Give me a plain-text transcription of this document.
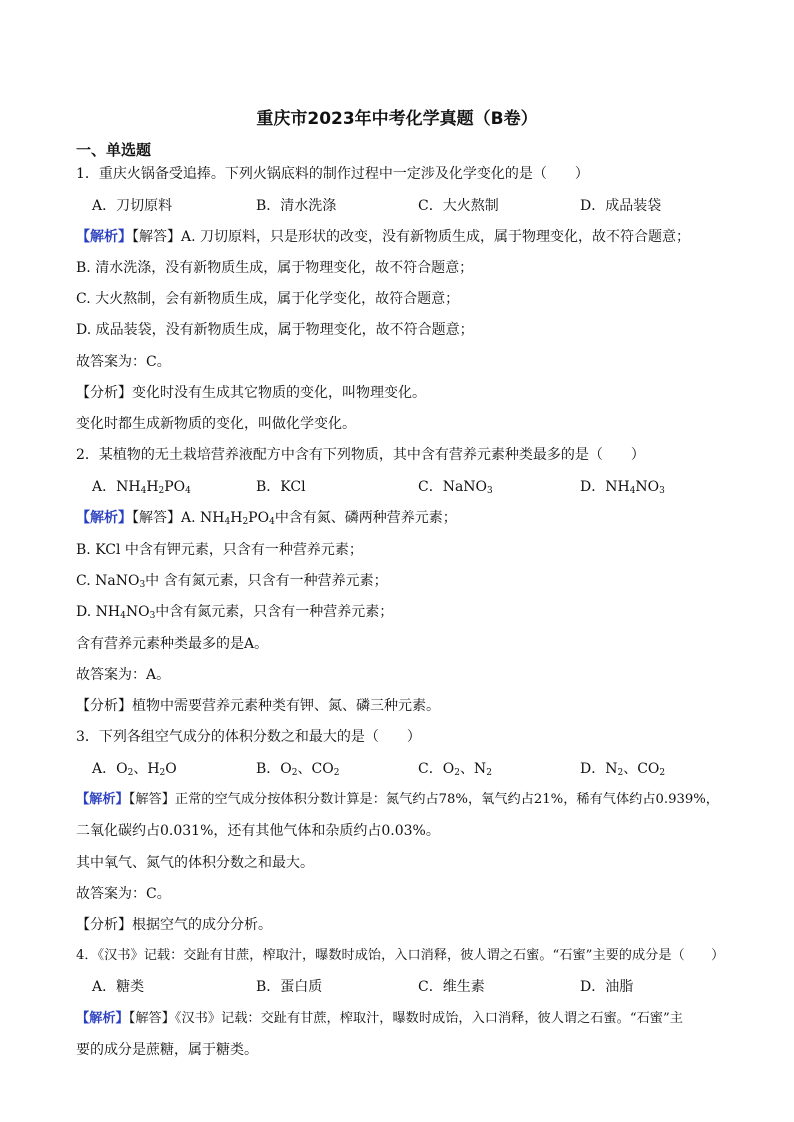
重庆市2023年中考化学真题（B卷）
一、单选题
1．重庆火锅备受追捧。下列火锅底料的制作过程中一定涉及化学变化的是（　　）
A．刀切原料	B．清水洗涤	C．大火熬制	D．成品装袋
【解析】【解答】A. 刀切原料，只是形状的改变，没有新物质生成，属于物理变化，故不符合题意；
B. 清水洗涤，没有新物质生成，属于物理变化，故不符合题意；
C. 大火熬制，会有新物质生成，属于化学变化，故符合题意；
D. 成品装袋，没有新物质生成，属于物理变化，故不符合题意；
故答案为：C。
【分析】变化时没有生成其它物质的变化，叫物理变化。
变化时都生成新物质的变化，叫做化学变化。
2．某植物的无土栽培营养液配方中含有下列物质，其中含有营养元素种类最多的是（　　）
A．$NH_4H_2PO_4$	B．KCl	C．NaNO$_3$	D．$NH_4NO_3$
【解析】【解答】A. $NH_4H_2PO_4$中含有氮、磷两种营养元素；
B. KCl 中含有钾元素，只含有一种营养元素；
C. NaNO$_3$中 含有氮元素，只含有一种营养元素；
D. $NH_4NO_3$中含有氮元素，只含有一种营养元素；
含有营养元素种类最多的是A。
故答案为：A。
【分析】植物中需要营养元素种类有钾、氮、磷三种元素。
3．下列各组空气成分的体积分数之和最大的是（　　）
A．$O_2$、$H_2O$	B．$O_2$、$CO_2$	C．$O_2$、$N_2$	D．$N_2$、$CO_2$
【解析】【解答】正常的空气成分按体积分数计算是：氮气约占78%，氧气约占21%，稀有气体约占0.939%，
二氧化碳约占0.031%，还有其他气体和杂质约占0.03%。
其中氧气、氮气的体积分数之和最大。
故答案为：C。
【分析】根据空气的成分分析。
4．《汉书》记载：交趾有甘蔗，榨取汁，曝数时成饴，入口消释，彼人谓之石蜜。“石蜜”主要的成分是（　　）
A．糖类	B．蛋白质	C．维生素	D．油脂
【解析】【解答】《汉书》记载：交趾有甘蔗，榨取汁，曝数时成饴，入口消释，彼人谓之石蜜。“石蜜”主
要的成分是蔗糖，属于糖类。
